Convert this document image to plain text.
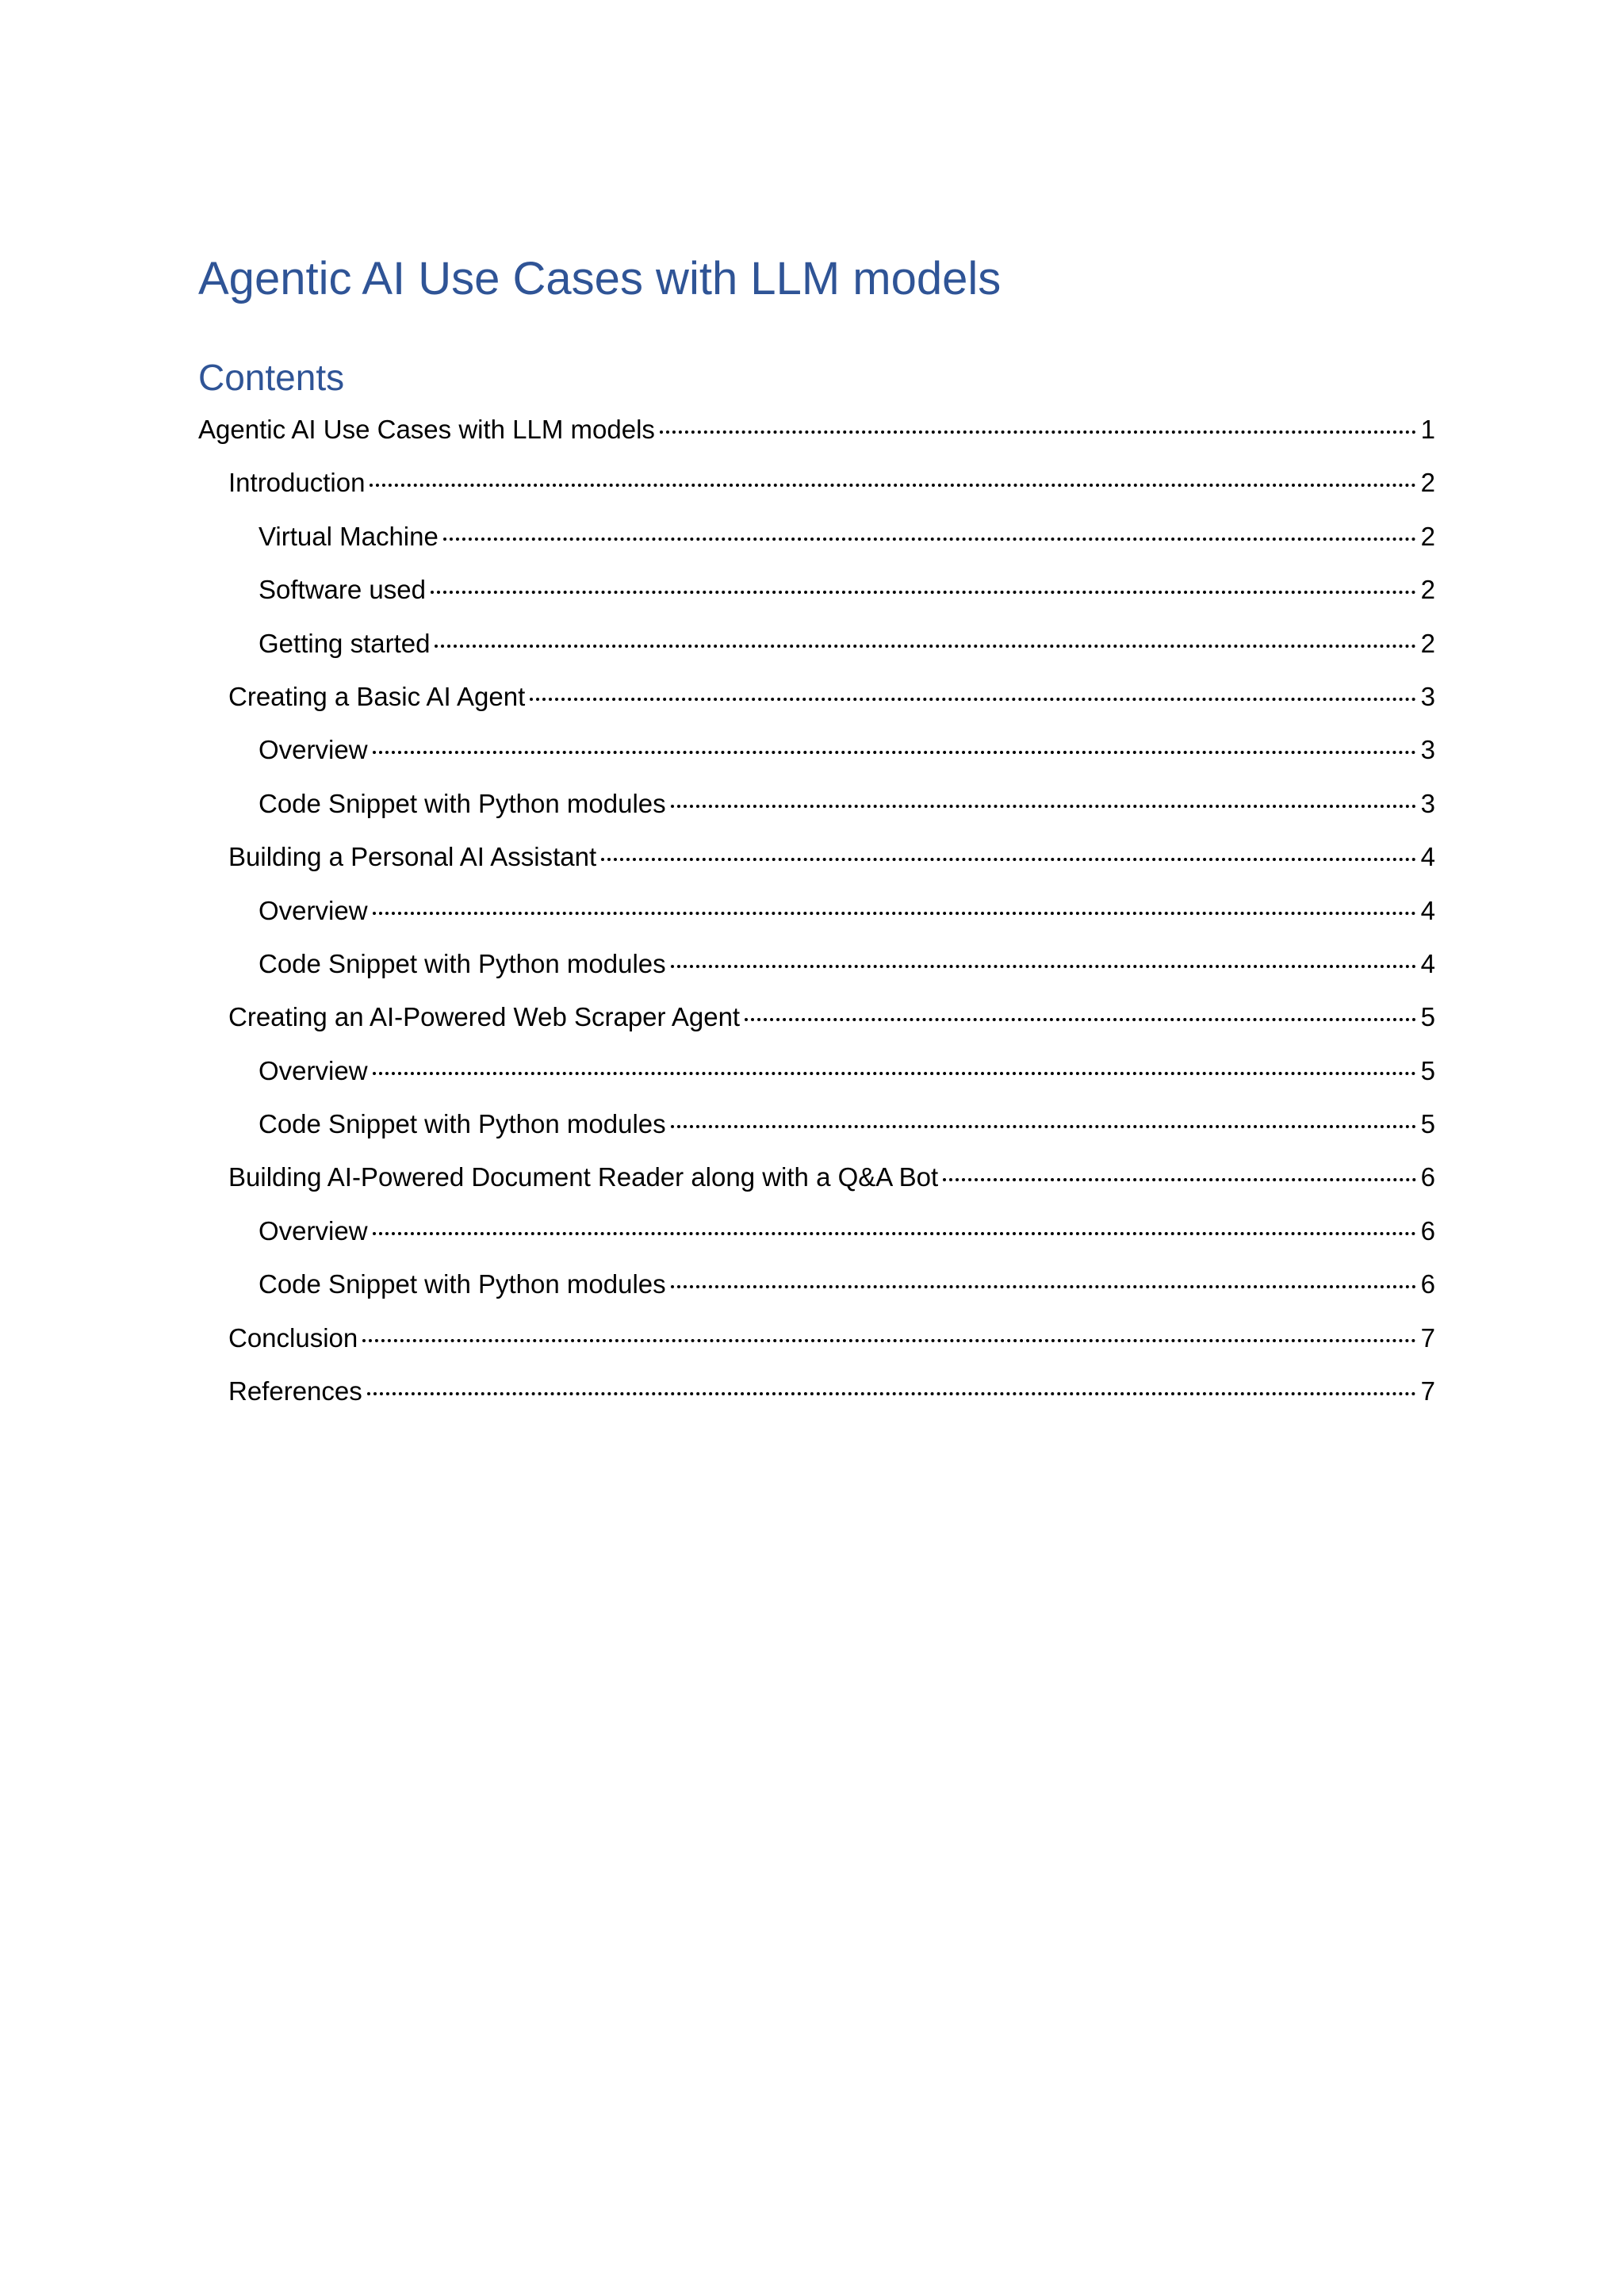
Agentic AI Use Cases with LLM models
Contents
Agentic AI Use Cases with LLM models	1
Introduction	2
Virtual Machine	2
Software used	2
Getting started	2
Creating a Basic AI Agent	3
Overview	3
Code Snippet with Python modules	3
Building a Personal AI Assistant	4
Overview	4
Code Snippet with Python modules	4
Creating an AI-Powered Web Scraper Agent	5
Overview	5
Code Snippet with Python modules	5
Building AI-Powered Document Reader along with a Q&A Bot	6
Overview	6
Code Snippet with Python modules	6
Conclusion	7
References	7
